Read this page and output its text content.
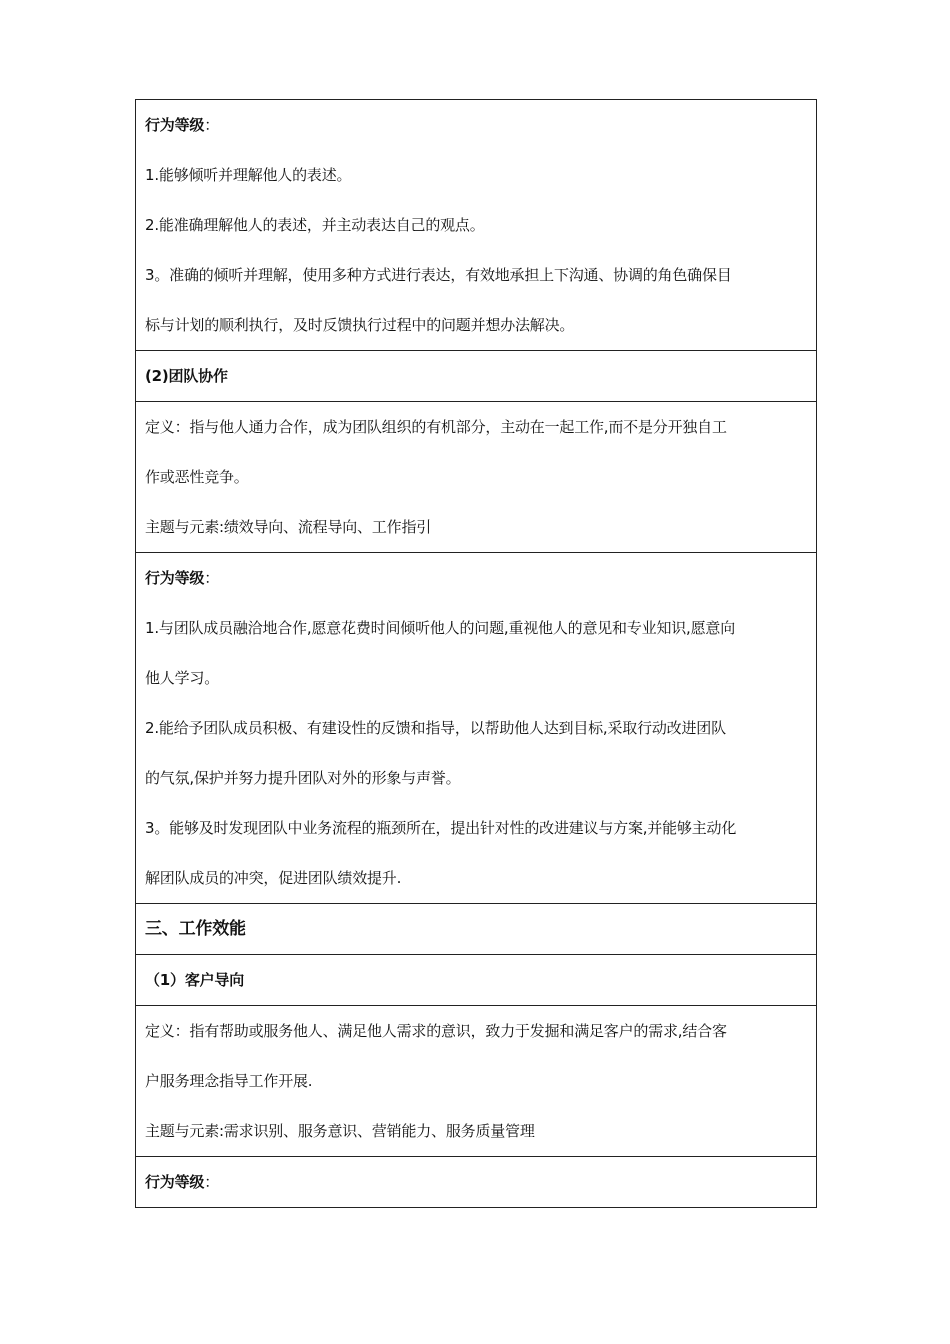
行为等级：
1.能够倾听并理解他人的表述。
2.能准确理解他人的表述，并主动表达自己的观点。
3。准确的倾听并理解，使用多种方式进行表达，有效地承担上下沟通、协调的角色确保目
标与计划的顺利执行，及时反馈执行过程中的问题并想办法解决。
(2)团队协作
定义：指与他人通力合作，成为团队组织的有机部分，主动在一起工作,而不是分开独自工
作或恶性竞争。
主题与元素:绩效导向、流程导向、工作指引
行为等级：
1.与团队成员融洽地合作,愿意花费时间倾听他人的问题,重视他人的意见和专业知识,愿意向
他人学习。
2.能给予团队成员积极、有建设性的反馈和指导，以帮助他人达到目标,采取行动改进团队
的气氛,保护并努力提升团队对外的形象与声誉。
3。能够及时发现团队中业务流程的瓶颈所在，提出针对性的改进建议与方案,并能够主动化
解团队成员的冲突，促进团队绩效提升.
三、工作效能
（1）客户导向
定义：指有帮助或服务他人、满足他人需求的意识，致力于发掘和满足客户的需求,结合客
户服务理念指导工作开展.
主题与元素:需求识别、服务意识、营销能力、服务质量管理
行为等级：
